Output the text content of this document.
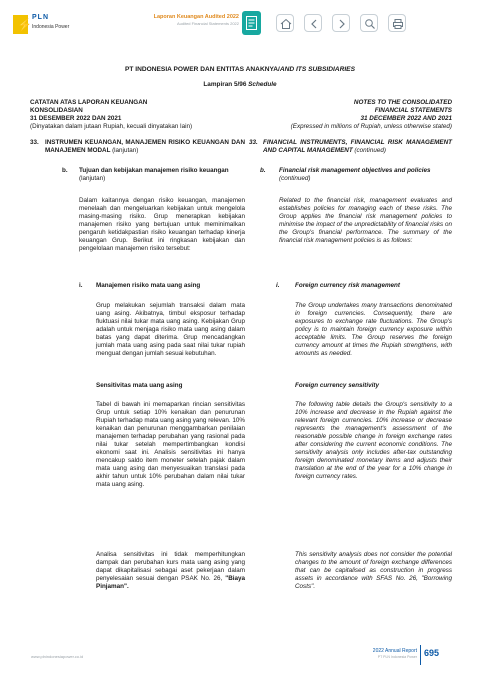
⚡
PLN
Indonesia Power
Laporan Keuangan Audited 2022
Audited Financial Statements 2022
PT INDONESIA POWER DAN ENTITAS ANAKNYA/AND ITS SUBSIDIARIES
Lampiran 5/96 Schedule
CATATAN ATAS LAPORAN KEUANGAN
KONSOLIDASIAN
31 DESEMBER 2022 DAN 2021
(Dinyatakan dalam jutaan Rupiah, kecuali dinyatakan lain)
NOTES TO THE CONSOLIDATED
FINANCIAL STATEMENTS
31 DECEMBER 2022 AND 2021
(Expressed in millions of Rupiah, unless otherwise stated)
33. INSTRUMEN KEUANGAN, MANAJEMEN RISIKO KEUANGAN DAN MANAJEMEN MODAL (lanjutan)
33. FINANCIAL INSTRUMENTS, FINANCIAL RISK MANAGEMENT AND CAPITAL MANAGEMENT (continued)
b. Tujuan dan kebijakan manajemen risiko keuangan (lanjutan)
b. Financial risk management objectives and policies (continued)
Dalam kaitannya dengan risiko keuangan, manajemen menelaah dan mengeluarkan kebijakan untuk mengelola masing-masing risiko. Grup menerapkan kebijakan manajemen risiko yang bertujuan untuk meminimalkan pengaruh ketidakpastian risiko keuangan terhadap kinerja keuangan Grup. Berikut ini ringkasan kebijakan dan pengelolaan manajemen risiko tersebut:
Related to the financial risk, management evaluates and establishes policies for managing each of these risks. The Group applies the financial risk management policies to minimise the impact of the unpredictability of financial risks on the Group's financial performance. The summary of the financial risk management policies is as follows:
i. Manajemen risiko mata uang asing	i. Foreign currency risk management
Grup melakukan sejumlah transaksi dalam mata uang asing. Akibatnya, timbul eksposur terhadap fluktuasi nilai tukar mata uang asing. Kebijakan Grup adalah untuk menjaga risiko mata uang asing dalam batas yang dapat diterima. Grup mencadangkan jumlah mata uang asing pada saat nilai tukar rupiah menguat dengan jumlah sesuai kebutuhan.
The Group undertakes many transactions denominated in foreign currencies. Consequently, there are exposures to exchange rate fluctuations. The Group's policy is to maintain foreign currency exposure within acceptable limits. The Group reserves the foreign currency amount at times the Rupiah strengthens, with amounts as needed.
Sensitivitas mata uang asing	Foreign currency sensitivity
Tabel di bawah ini memaparkan rincian sensitivitas Grup untuk setiap 10% kenaikan dan penurunan Rupiah terhadap mata uang asing yang relevan. 10% kenaikan dan penurunan menggambarkan penilaian manajemen terhadap perubahan yang rasional pada nilai tukar setelah mempertimbangkan kondisi ekonomi saat ini. Analisis sensitivitas ini hanya mencakup saldo item moneter setelah pajak dalam mata uang asing dan menyesuaikan translasi pada akhir tahun untuk 10% perubahan dalam nilai tukar mata uang asing.
The following table details the Group's sensitivity to a 10% increase and decrease in the Rupiah against the relevant foreign currencies. 10% increase or decrease represents the management's assessment of the reasonable possible change in foreign exchange rates after considering the current economic conditions. The sensitivity analysis only includes after-tax outstanding foreign denominated monetary items and adjusts their translation at the end of the year for a 10% change in foreign currency rates.
Analisa sensitivitas ini tidak memperhitungkan dampak dan perubahan kurs mata uang asing yang dapat dikapitalisasi sebagai aset pekerjaan dalam penyelesaian sesuai dengan PSAK No. 26, "Biaya Pinjaman".
This sensitivity analysis does not consider the potential changes to the amount of foreign exchange differences that can be capitalised as construction in progress assets in accordance with SFAS No. 26, "Borrowing Costs".
www.plnindonesiapower.co.id
2022 Annual Report
PT PLN Indonesia Power 695
